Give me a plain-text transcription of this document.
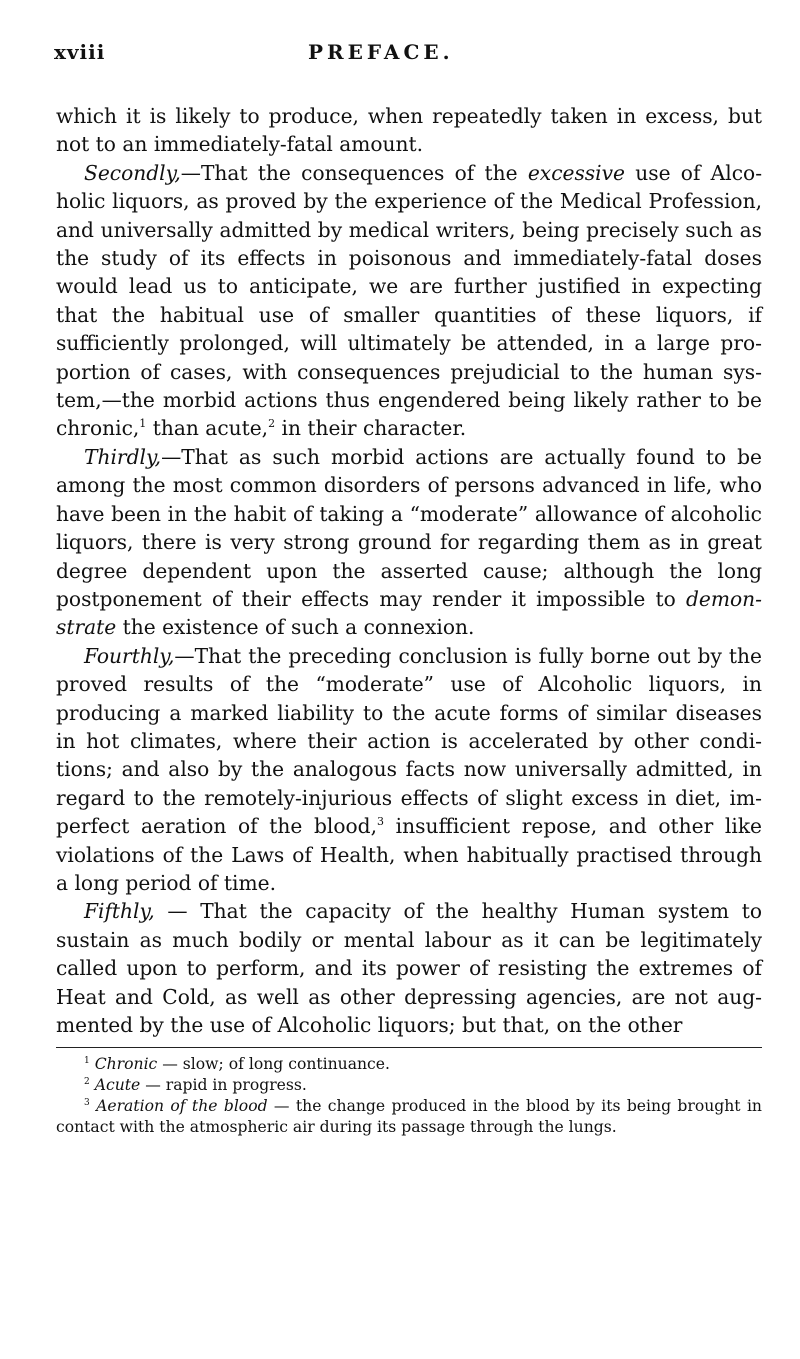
xviii	PREFACE.

which it is likely to produce, when repeatedly taken in excess, but not to an immediately-fatal amount.

Secondly,—That the consequences of the excessive use of Alcoholic liquors, as proved by the experience of the Medical Profession, and universally admitted by medical writers, being precisely such as the study of its effects in poisonous and immediately-fatal doses would lead us to anticipate, we are further justified in expecting that the habitual use of smaller quantities of these liquors, if sufficiently prolonged, will ultimately be attended, in a large proportion of cases, with consequences prejudicial to the human system,—the morbid actions thus engendered being likely rather to be chronic,$^1$ than acute,$^2$ in their character.

Thirdly,—That as such morbid actions are actually found to be among the most common disorders of persons advanced in life, who have been in the habit of taking a “moderate” allowance of alcoholic liquors, there is very strong ground for regarding them as in great degree dependent upon the asserted cause; although the long postponement of their effects may render it impossible to demonstrate the existence of such a connexion.

Fourthly,—That the preceding conclusion is fully borne out by the proved results of the “moderate” use of Alcoholic liquors, in producing a marked liability to the acute forms of similar diseases in hot climates, where their action is accelerated by other conditions; and also by the analogous facts now universally admitted, in regard to the remotely-injurious effects of slight excess in diet, imperfect aeration of the blood,$^3$ insufficient repose, and other like violations of the Laws of Health, when habitually practised through a long period of time.

Fifthly, — That the capacity of the healthy Human system to sustain as much bodily or mental labour as it can be legitimately called upon to perform, and its power of resisting the extremes of Heat and Cold, as well as other depressing agencies, are not augmented by the use of Alcoholic liquors; but that, on the other

$^1$ Chronic — slow; of long continuance.

$^2$ Acute — rapid in progress.

$^3$ Aeration of the blood — the change produced in the blood by its being brought in contact with the atmospheric air during its passage through the lungs.
